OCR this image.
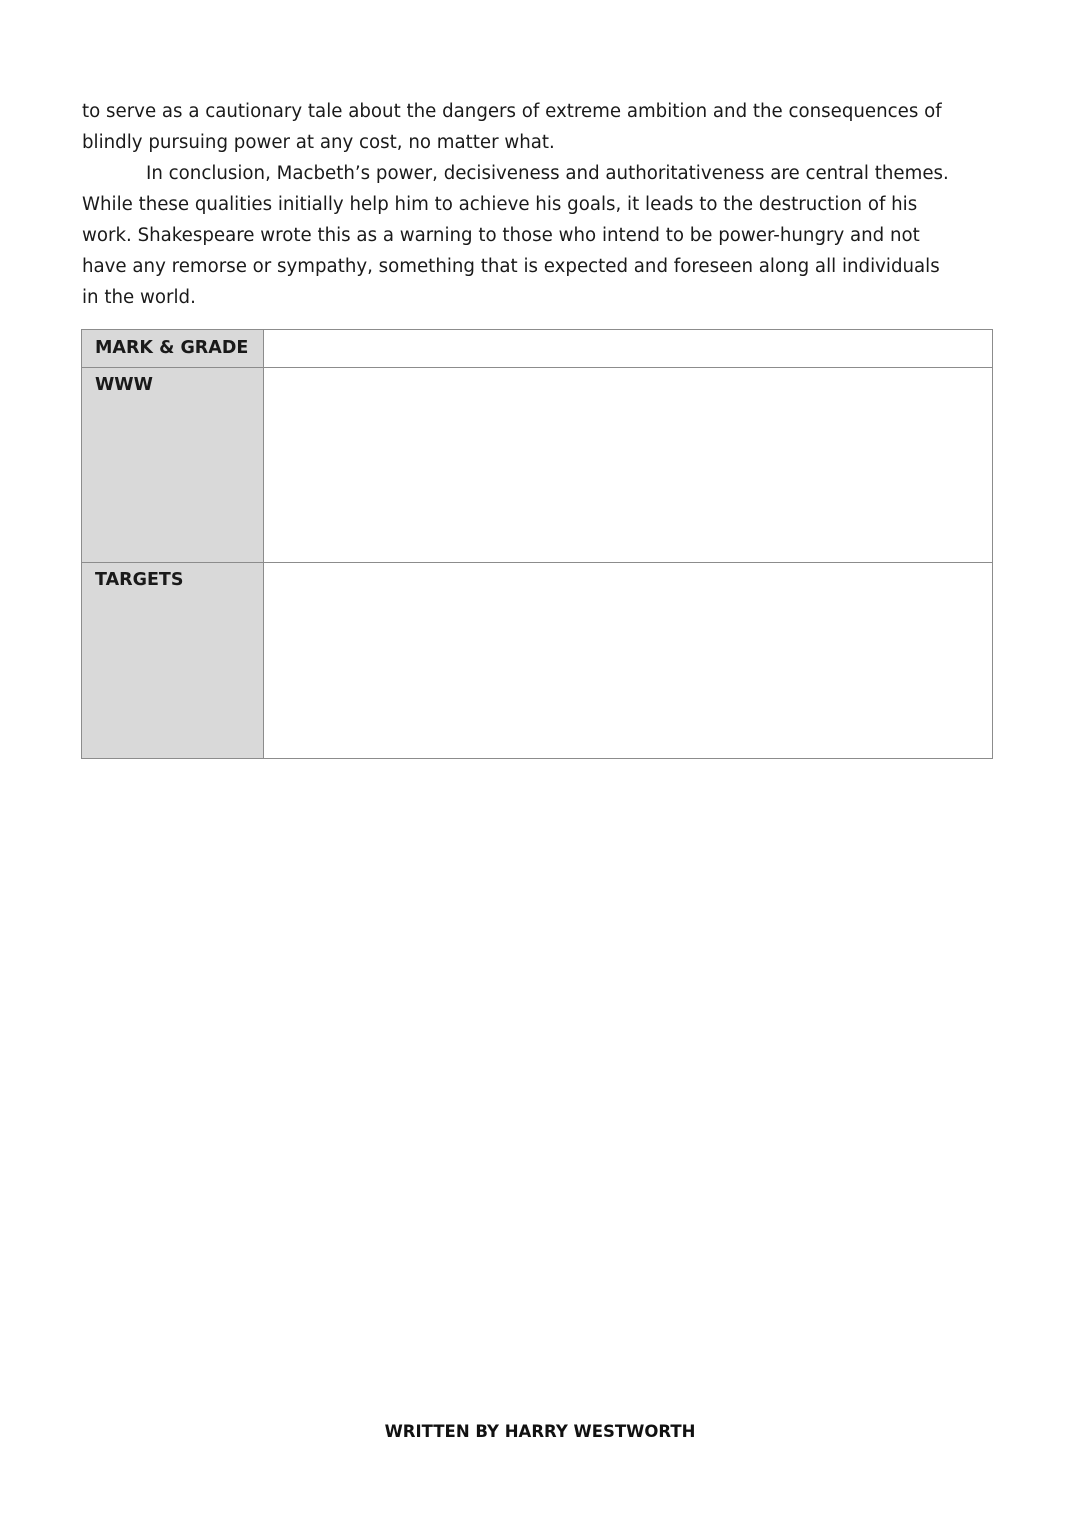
to serve as a cautionary tale about the dangers of extreme ambition and the consequences of
blindly pursuing power at any cost, no matter what.
In conclusion, Macbeth’s power, decisiveness and authoritativeness are central themes.
While these qualities initially help him to achieve his goals, it leads to the destruction of his
work. Shakespeare wrote this as a warning to those who intend to be power-hungry and not
have any remorse or sympathy, something that is expected and foreseen along all individuals
in the world.
MARK & GRADE	
WWW	
TARGETS	
WRITTEN BY HARRY WESTWORTH
